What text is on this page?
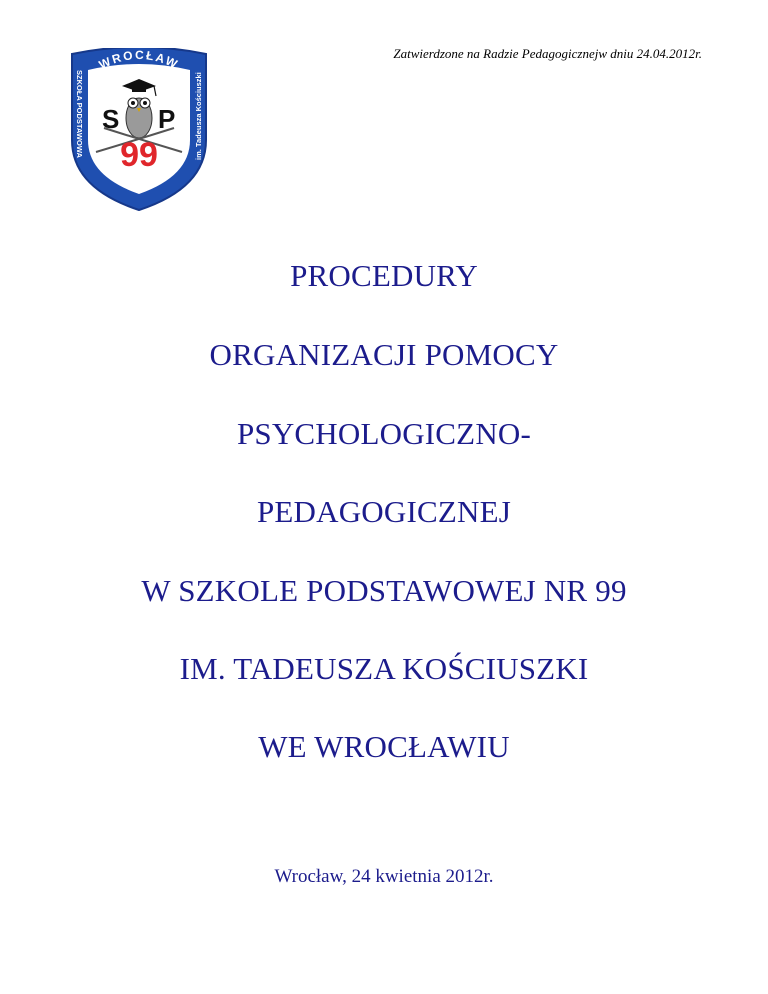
Zatwierdzone na Radzie Pedagogicznejw dniu 24.04.2012r.
WROCŁAW
SZKOŁA PODSTAWOWA	im. Tadeusza Kościuszki
S P
99
PROCEDURY
ORGANIZACJI POMOCY
PSYCHOLOGICZNO-
PEDAGOGICZNEJ
W SZKOLE PODSTAWOWEJ NR 99
IM. TADEUSZA KOŚCIUSZKI
WE WROCŁAWIU
Wrocław, 24 kwietnia 2012r.
